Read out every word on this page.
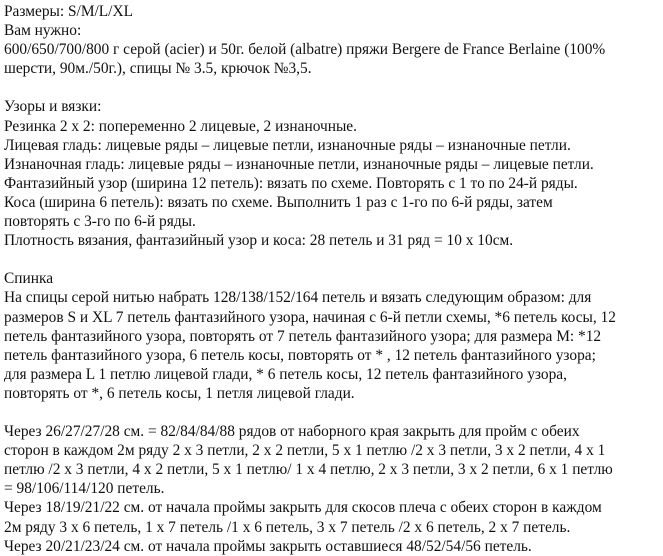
Размеры: S/M/L/XL
Вам нужно:
600/650/700/800 г серой (acier) и 50г. белой (albatre) пряжи Bergere de France Berlaine (100%
шерсти, 90м./50г.), спицы № 3.5, крючок №3,5.
Узоры и вязки:
Резинка 2 х 2: попеременно 2 лицевые, 2 изнаночные.
Лицевая гладь: лицевые ряды – лицевые петли, изнаночные ряды – изнаночные петли.
Изнаночная гладь: лицевые ряды – изнаночные петли, изнаночные ряды – лицевые петли.
Фантазийный узор (ширина 12 петель): вязать по схеме. Повторять с 1 то по 24-й ряды.
Коса (ширина 6 петель): вязать по схеме. Выполнить 1 раз с 1-го по 6-й ряды, затем
повторять с 3-го по 6-й ряды.
Плотность вязания, фантазийный узор и коса: 28 петель и 31 ряд = 10 х 10см.
Спинка
На спицы серой нитью набрать 128/138/152/164 петель и вязать следующим образом: для
размеров S и XL 7 петель фантазийного узора, начиная с 6-й петли схемы, *6 петель косы, 12
петель фантазийного узора, повторять от 7 петель фантазийного узора; для размера M: *12
петель фантазийного узора, 6 петель косы, повторять от * , 12 петель фантазийного узора;
для размера L 1 петлю лицевой глади, * 6 петель косы, 12 петель фантазийного узора,
повторять от *, 6 петель косы, 1 петля лицевой глади.
Через 26/27/27/28 см. = 82/84/84/88 рядов от наборного края закрыть для пройм с обеих
сторон в каждом 2м ряду 2 х 3 петли, 2 х 2 петли, 5 х 1 петлю /2 х 3 петли, 3 х 2 петли, 4 х 1
петлю /2 х 3 петли, 4 х 2 петли, 5 х 1 петлю/ 1 х 4 петлю, 2 х 3 петли, 3 х 2 петли, 6 х 1 петлю
= 98/106/114/120 петель.
Через 18/19/21/22 см. от начала проймы закрыть для скосов плеча с обеих сторон в каждом
2м ряду 3 х 6 петель, 1 х 7 петель /1 х 6 петель, 3 х 7 петель /2 х 6 петель, 2 х 7 петель.
Через 20/21/23/24 см. от начала проймы закрыть оставшиеся 48/52/54/56 петель.
